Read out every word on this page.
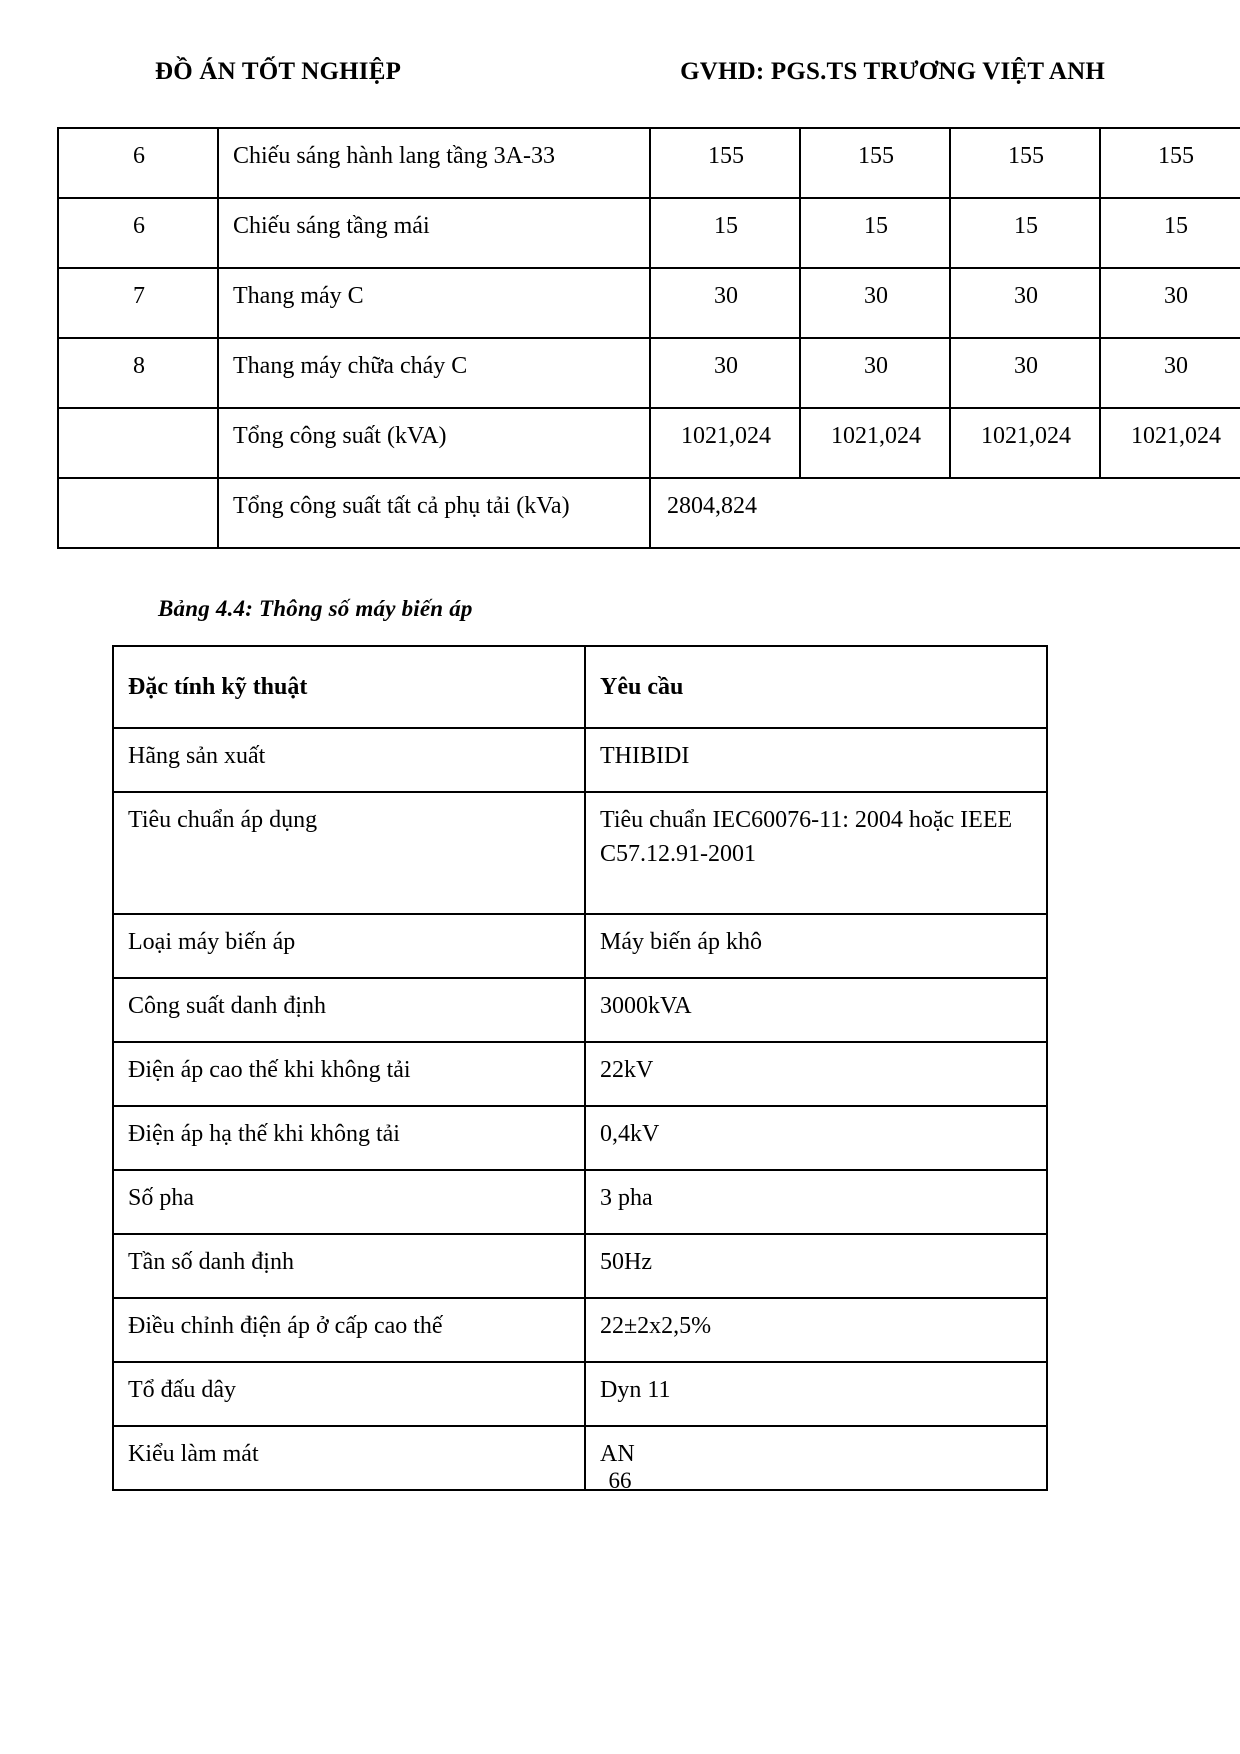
ĐỒ ÁN TỐT NGHIỆP	GVHD: PGS.TS TRƯƠNG VIỆT ANH
6	Chiếu sáng hành lang tầng 3A-33	155	155	155	155
6	Chiếu sáng tầng mái	15	15	15	15
7	Thang máy C	30	30	30	30
8	Thang máy chữa cháy C	30	30	30	30
	Tổng công suất (kVA)	1021,024	1021,024	1021,024	1021,024
	Tổng công suất tất cả phụ tải (kVa)	2804,824			
Bảng 4.4: Thông số máy biến áp
Đặc tính kỹ thuật	Yêu cầu
Hãng sản xuất	THIBIDI
Tiêu chuẩn áp dụng	Tiêu chuẩn IEC60076-11: 2004 hoặc IEEE C57.12.91-2001
Loại máy biến áp	Máy biến áp khô
Công suất danh định	3000kVA
Điện áp cao thế khi không tải	22kV
Điện áp hạ thế khi không tải	0,4kV
Số pha	3 pha
Tần số danh định	50Hz
Điều chỉnh điện áp ở cấp cao thế	22±2x2,5%
Tổ đấu dây	Dyn 11
Kiểu làm mát	AN
66
